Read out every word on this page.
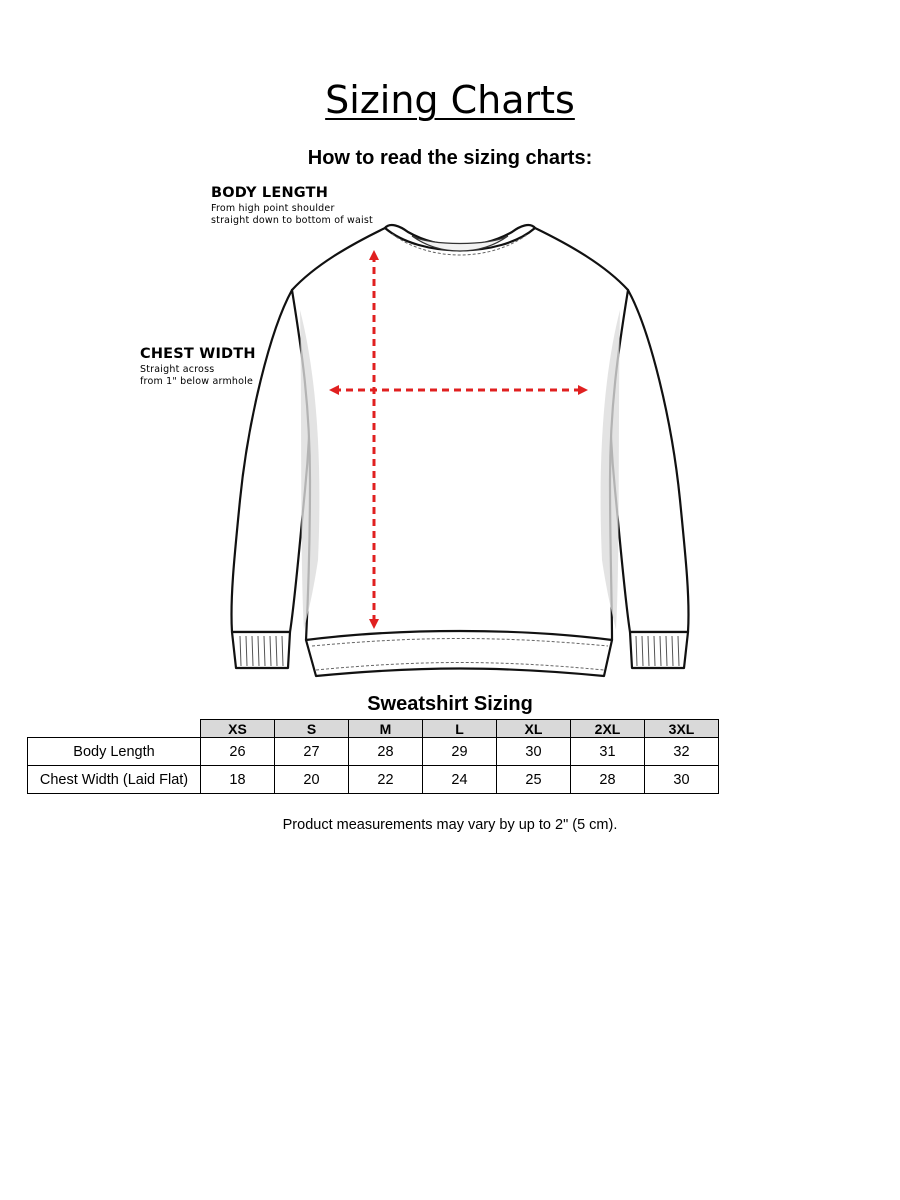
Sizing Charts
How to read the sizing charts:
BODY LENGTH
From high point shoulder
straight down to bottom of waist
CHEST WIDTH
Straight across
from 1" below armhole
Sweatshirt Sizing
	XS	S	M	L	XL	2XL	3XL
Body Length	26	27	28	29	30	31	32
Chest Width (Laid Flat)	18	20	22	24	25	28	30

Product measurements may vary by up to 2" (5 cm).
